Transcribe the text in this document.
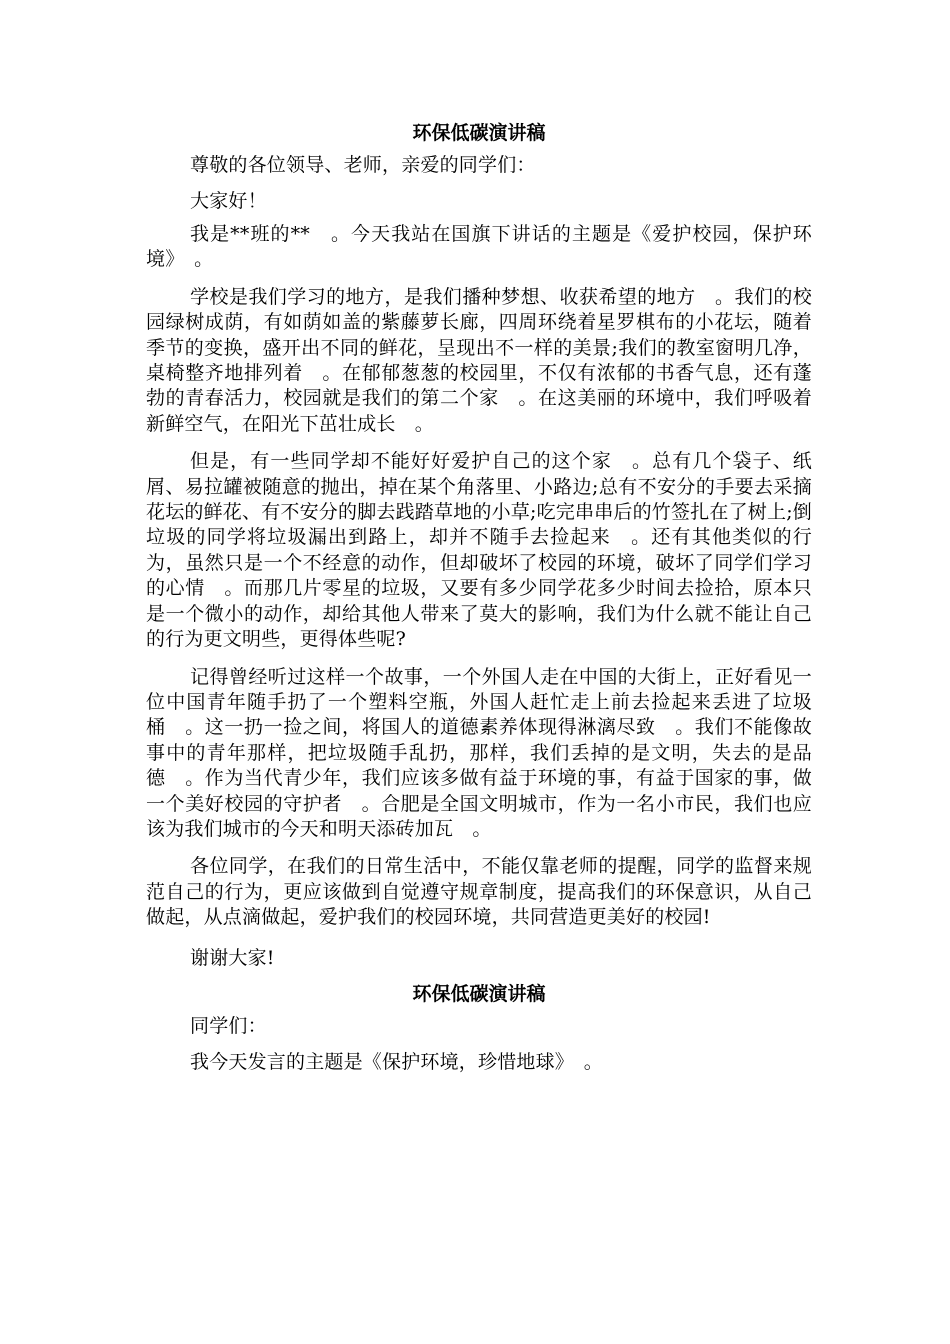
环保低碳演讲稿

尊敬的各位领导、老师，亲爱的同学们：

大家好！

我是**班的**　。今天我站在国旗下讲话的主题是《爱护校园，保护环境》　。

学校是我们学习的地方，是我们播种梦想、收获希望的地方　。我们的校园绿树成荫，有如荫如盖的紫藤萝长廊，四周环绕着星罗棋布的小花坛，随着季节的变换，盛开出不同的鲜花，呈现出不一样的美景;我们的教室窗明几净，桌椅整齐地排列着　。在郁郁葱葱的校园里，不仅有浓郁的书香气息，还有蓬勃的青春活力，校园就是我们的第二个家　。在这美丽的环境中，我们呼吸着新鲜空气，在阳光下茁壮成长　。

但是，有一些同学却不能好好爱护自己的这个家　。总有几个袋子、纸屑、易拉罐被随意的抛出，掉在某个角落里、小路边;总有不安分的手要去采摘花坛的鲜花、有不安分的脚去践踏草地的小草;吃完串串后的竹签扎在了树上;倒垃圾的同学将垃圾漏出到路上，却并不随手去捡起来　。还有其他类似的行为，虽然只是一个不经意的动作，但却破坏了校园的环境，破坏了同学们学习的心情　。而那几片零星的垃圾，又要有多少同学花多少时间去捡拾，原本只是一个微小的动作，却给其他人带来了莫大的影响，我们为什么就不能让自己的行为更文明些，更得体些呢?

记得曾经听过这样一个故事，一个外国人走在中国的大街上，正好看见一位中国青年随手扔了一个塑料空瓶，外国人赶忙走上前去捡起来丢进了垃圾桶　。这一扔一捡之间，将国人的道德素养体现得淋漓尽致　。我们不能像故事中的青年那样，把垃圾随手乱扔，那样，我们丢掉的是文明，失去的是品德　。作为当代青少年，我们应该多做有益于环境的事，有益于国家的事，做一个美好校园的守护者　。合肥是全国文明城市，作为一名小市民，我们也应该为我们城市的今天和明天添砖加瓦　。

各位同学，在我们的日常生活中，不能仅靠老师的提醒，同学的监督来规范自己的行为，更应该做到自觉遵守规章制度，提高我们的环保意识，从自己做起，从点滴做起，爱护我们的校园环境，共同营造更美好的校园!

谢谢大家!

环保低碳演讲稿

同学们：

我今天发言的主题是《保护环境，珍惜地球》　。
